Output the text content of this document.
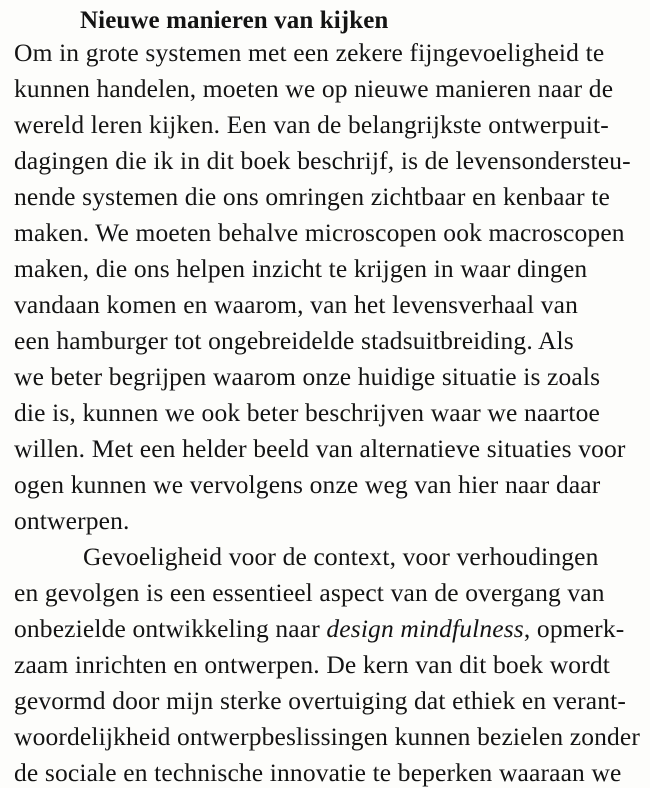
Nieuwe manieren van kijken
Om in grote systemen met een zekere fijngevoeligheid te
kunnen handelen, moeten we op nieuwe manieren naar de
wereld leren kijken. Een van de belangrijkste ontwerpuit-
dagingen die ik in dit boek beschrijf, is de levensondersteu-
nende systemen die ons omringen zichtbaar en kenbaar te
maken. We moeten behalve microscopen ook macroscopen
maken, die ons helpen inzicht te krijgen in waar dingen
vandaan komen en waarom, van het levensverhaal van
een hamburger tot ongebreidelde stadsuitbreiding. Als
we beter begrijpen waarom onze huidige situatie is zoals
die is, kunnen we ook beter beschrijven waar we naartoe
willen. Met een helder beeld van alternatieve situaties voor
ogen kunnen we vervolgens onze weg van hier naar daar
ontwerpen.
Gevoeligheid voor de context, voor verhoudingen
en gevolgen is een essentieel aspect van de overgang van
onbezielde ontwikkeling naar design mindfulness, opmerk-
zaam inrichten en ontwerpen. De kern van dit boek wordt
gevormd door mijn sterke overtuiging dat ethiek en verant-
woordelijkheid ontwerpbeslissingen kunnen bezielen zonder
de sociale en technische innovatie te beperken waaraan we
